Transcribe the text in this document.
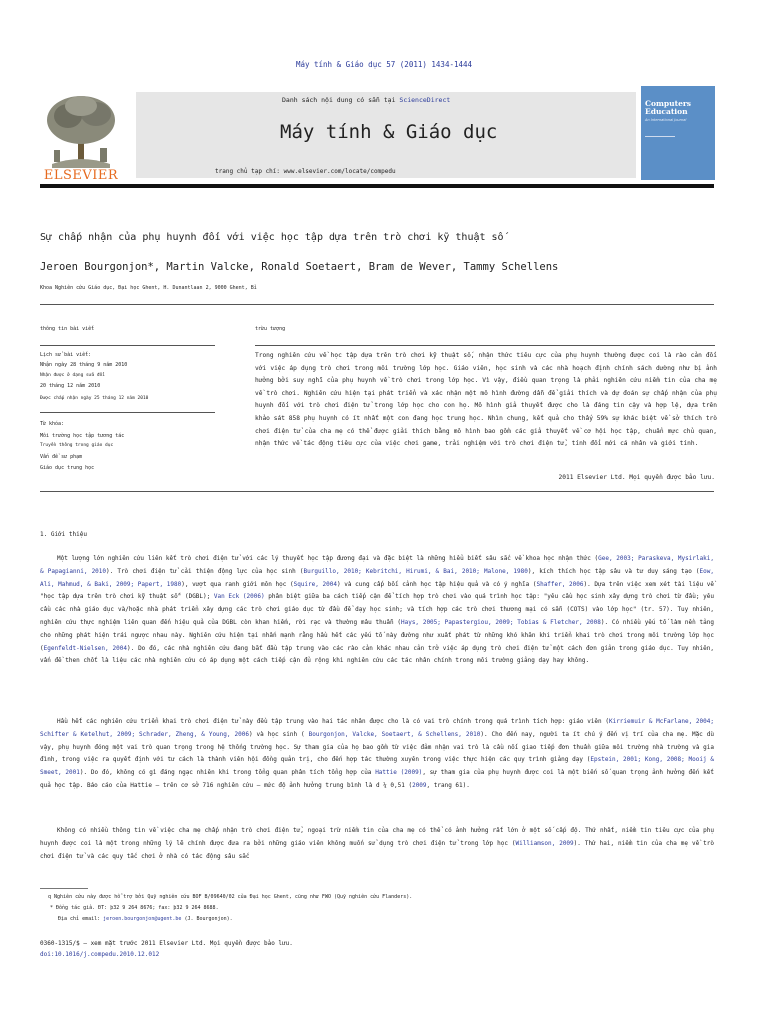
Máy tính & Giáo dục 57 (2011) 1434-1444
ELSEVIER
Danh sách nội dung có sẵn tại ScienceDirect
Máy tính & Giáo dục
trang chủ tạp chí: www.elsevier.com/locate/compedu
Computers Education
An International Journal
Sự chấp nhận của phụ huynh đối với việc học tập dựa trên trò chơi kỹ thuật số
Jeroen Bourgonjon*, Martin Valcke, Ronald Soetaert, Bram de Wever, Tammy Schellens
Khoa Nghiên cứu Giáo dục, Đại học Ghent, H. Dunantlaan 2, 9000 Ghent, Bỉ
thông tin bài viết
Lịch sử bài viết:
Nhận ngày 28 tháng 9 năm 2010
Nhận được ở dạng sửa đổi
20 tháng 12 năm 2010
Được chấp nhận ngày 25 tháng 12 năm 2010
Từ khóa:
Môi trường học tập tương tác
Truyền thông trong giáo dục
Vấn đề sư phạm
Giáo dục trung học
trừu tượng
Trong nghiên cứu về học tập dựa trên trò chơi kỹ thuật số, nhận thức tiêu cực của phụ huynh thường được coi là rào cản đối với việc áp dụng trò chơi trong môi trường lớp học. Giáo viên, học sinh và các nhà hoạch định chính sách dường như bị ảnh hưởng bởi suy nghĩ của phụ huynh về trò chơi trong lớp học. Vì vậy, điều quan trọng là phải nghiên cứu niềm tin của cha mẹ về trò chơi. Nghiên cứu hiện tại phát triển và xác nhận một mô hình đường dẫn để giải thích và dự đoán sự chấp nhận của phụ huynh đối với trò chơi điện tử trong lớp học cho con họ. Mô hình giả thuyết được cho là đáng tin cậy và hợp lệ, dựa trên khảo sát 858 phụ huynh có ít nhất một con đang học trung học. Nhìn chung, kết quả cho thấy 59% sự khác biệt về sở thích trò chơi điện tử của cha mẹ có thể được giải thích bằng mô hình bao gồm các giả thuyết về cơ hội học tập, chuẩn mực chủ quan, nhận thức về tác động tiêu cực của việc chơi game, trải nghiệm với trò chơi điện tử, tính đổi mới cá nhân và giới tính.
2011 Elsevier Ltd. Mọi quyền được bảo lưu.
1. Giới thiệu
Một lượng lớn nghiên cứu liên kết trò chơi điện tử với các lý thuyết học tập đương đại và đặc biệt là những hiểu biết sâu sắc về khoa học nhận thức (Gee, 2003; Paraskeva, Mysirlaki, & Papagianni, 2010). Trò chơi điện tử cải thiện động lực của học sinh (Burguillo, 2010; Kebritchi, Hirumi, & Bai, 2010; Malone, 1980), kích thích học tập sâu và tư duy sáng tạo (Eow, Ali, Mahmud, & Baki, 2009; Papert, 1980), vượt qua ranh giới môn học (Squire, 2004) và cung cấp bối cảnh học tập hiệu quả và có ý nghĩa (Shaffer, 2006). Dựa trên việc xem xét tài liệu về "học tập dựa trên trò chơi kỹ thuật số" (DGBL); Van Eck (2006) phân biệt giữa ba cách tiếp cận để tích hợp trò chơi vào quá trình học tập: "yêu cầu học sinh xây dựng trò chơi từ đầu; yêu cầu các nhà giáo dục và/hoặc nhà phát triển xây dựng các trò chơi giáo dục từ đầu để dạy học sinh; và tích hợp các trò chơi thương mại có sẵn (COTS) vào lớp học" (tr. 57). Tuy nhiên, nghiên cứu thực nghiệm liên quan đến hiệu quả của DGBL còn khan hiếm, rời rạc và thường mâu thuẫn (Hays, 2005; Papastergiou, 2009; Tobias & Fletcher, 2008). Có nhiều yếu tố làm nền tảng cho những phát hiện trái ngược nhau này. Nghiên cứu hiện tại nhấn mạnh rằng hầu hết các yếu tố này đường như xuất phát từ những khó khăn khi triển khai trò chơi trong môi trường lớp học (Egenfeldt-Nielsen, 2004). Do đó, các nhà nghiên cứu đang bắt đầu tập trung vào các rào cản khác nhau cản trở việc áp dụng trò chơi điện tử một cách đơn giản trong giáo dục. Tuy nhiên, vấn đề then chốt là liệu các nhà nghiên cứu có áp dụng một cách tiếp cận đủ rộng khi nghiên cứu các tác nhân chính trong môi trường giảng dạy hay không.
Hầu hết các nghiên cứu triển khai trò chơi điện tử này đều tập trung vào hai tác nhân được cho là có vai trò chính trong quá trình tích hợp: giáo viên (Kirriemuir & McFarlane, 2004; Schifter & Ketelhut, 2009; Schrader, Zheng, & Young, 2006) và học sinh ( Bourgonjon, Valcke, Soetaert, & Schellens, 2010). Cho đến nay, người ta ít chú ý đến vị trí của cha mẹ. Mặc dù vậy, phụ huynh đóng một vai trò quan trọng trong hệ thống trường học. Sự tham gia của họ bao gồm từ việc đảm nhận vai trò là cầu nối giao tiếp đơn thuần giữa môi trường nhà trường và gia đình, trong việc ra quyết định với tư cách là thành viên hội đồng quản trị, cho đến hợp tác thường xuyên trong việc thực hiện các quy trình giảng dạy (Epstein, 2001; Kong, 2008; Mooij & Smeet, 2001). Do đó, không có gì đáng ngạc nhiên khi trong tổng quan phân tích tổng hợp của Hattie (2009), sự tham gia của phụ huynh được coi là một biến số quan trọng ảnh hưởng đến kết quả học tập. Báo cáo của Hattie – trên cơ sở 716 nghiên cứu – mức độ ảnh hưởng trung bình là d ¼ 0,51 (2009, trang 61).
Không có nhiều thông tin về việc cha mẹ chấp nhận trò chơi điện tử, ngoại trừ niềm tin của cha mẹ có thể có ảnh hưởng rất lớn ở một số cấp độ. Thứ nhất, niềm tin tiêu cực của phụ huynh được coi là một trong những lý lẽ chính được đưa ra bởi những giáo viên không muốn sử dụng trò chơi điện tử trong lớp học (Williamson, 2009). Thứ hai, niềm tin của cha mẹ về trò chơi điện tử và các quy tắc chơi ở nhà có tác động sâu sắc
q Nghiên cứu này được hỗ trợ bởi Quỹ nghiên cứu BOF B/09640/02 của Đại học Ghent, cũng như FWO (Quỹ nghiên cứu Flanders).
* Đồng tác giả. ĐT: þ32 9 264 8676; fax: þ32 9 264 8688.
Địa chỉ email: jeroen.bourgonjon@ugent.be (J. Bourgonjon).
0360-1315/$ – xem mặt trước 2011 Elsevier Ltd. Mọi quyền được bảo lưu.
doi:10.1016/j.compedu.2010.12.012
